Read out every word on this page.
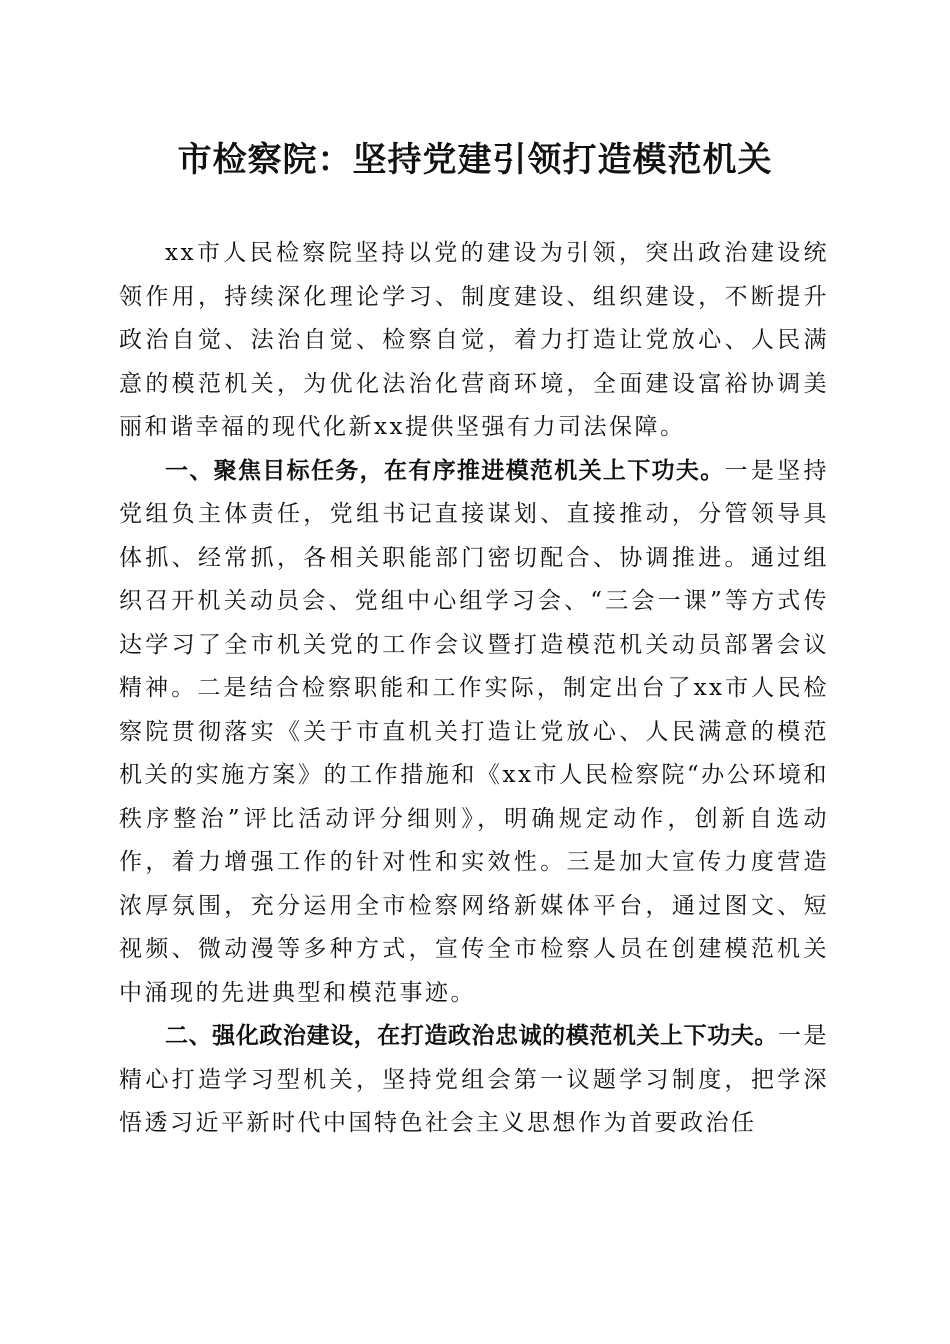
市检察院：坚持党建引领打造模范机关

xx市人民检察院坚持以党的建设为引领，突出政治建设统领作用，持续深化理论学习、制度建设、组织建设，不断提升政治自觉、法治自觉、检察自觉，着力打造让党放心、人民满意的模范机关，为优化法治化营商环境，全面建设富裕协调美丽和谐幸福的现代化新xx提供坚强有力司法保障。

一、聚焦目标任务，在有序推进模范机关上下功夫。一是坚持党组负主体责任，党组书记直接谋划、直接推动，分管领导具体抓、经常抓，各相关职能部门密切配合、协调推进。通过组织召开机关动员会、党组中心组学习会、“三会一课”等方式传达学习了全市机关党的工作会议暨打造模范机关动员部署会议精神。二是结合检察职能和工作实际，制定出台了xx市人民检察院贯彻落实《关于市直机关打造让党放心、人民满意的模范机关的实施方案》的工作措施和《xx市人民检察院“办公环境和秩序整治”评比活动评分细则》，明确规定动作，创新自选动作，着力增强工作的针对性和实效性。三是加大宣传力度营造浓厚氛围，充分运用全市检察网络新媒体平台，通过图文、短视频、微动漫等多种方式，宣传全市检察人员在创建模范机关中涌现的先进典型和模范事迹。

二、强化政治建设，在打造政治忠诚的模范机关上下功夫。一是精心打造学习型机关，坚持党组会第一议题学习制度，把学深悟透习近平新时代中国特色社会主义思想作为首要政治任
